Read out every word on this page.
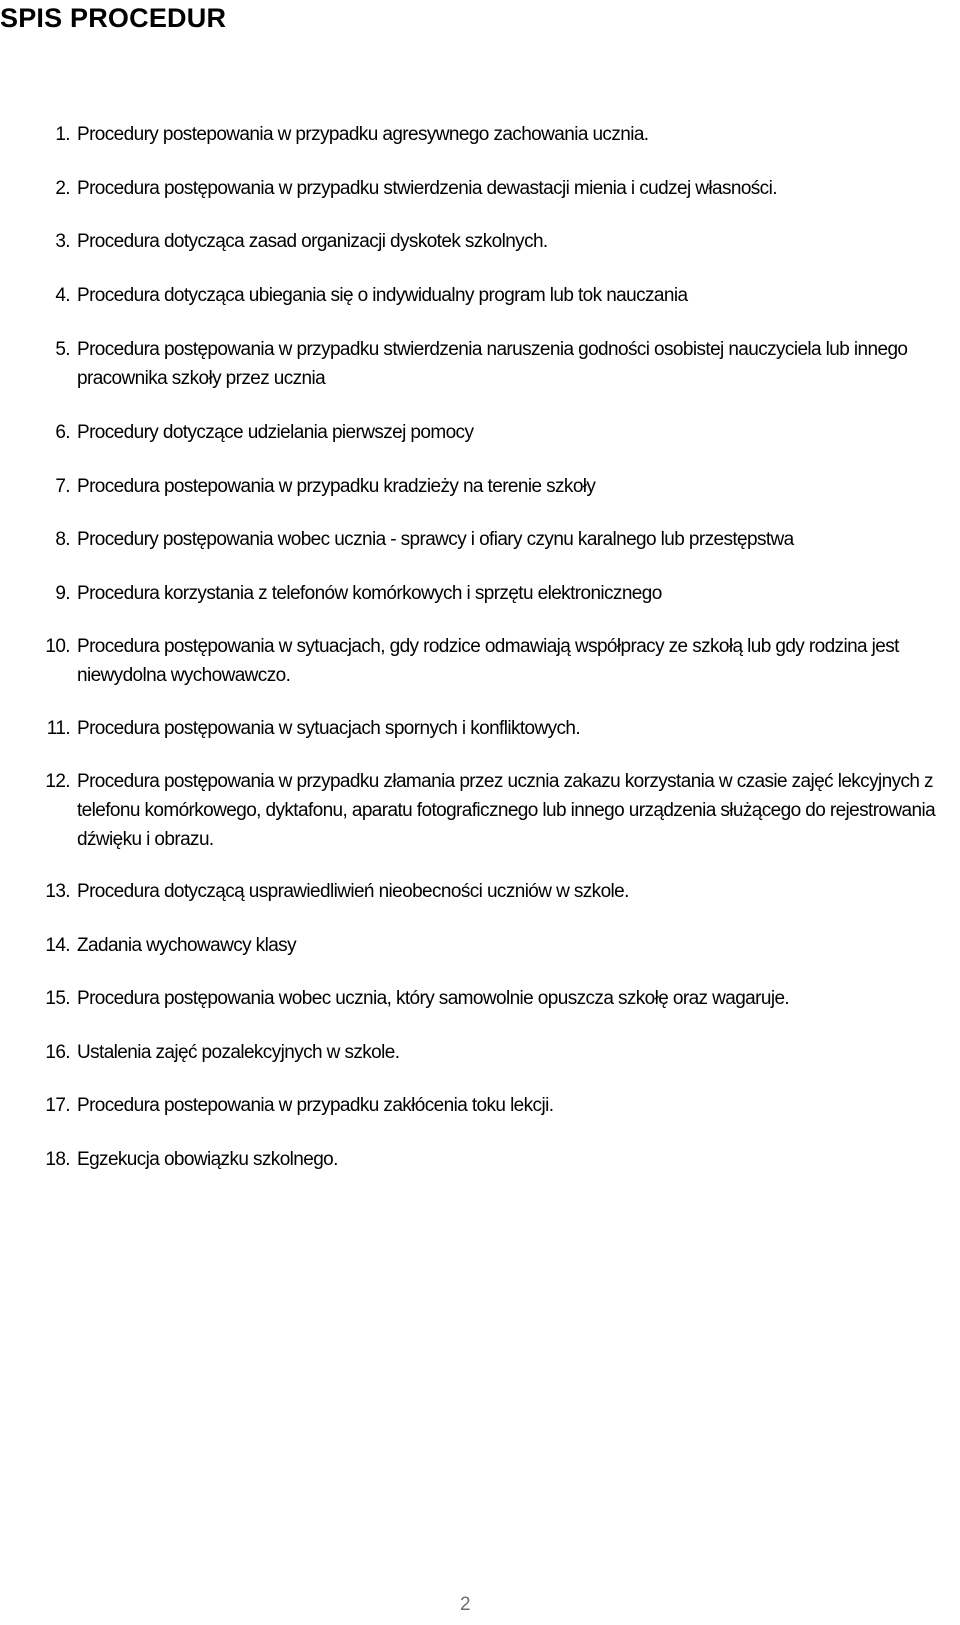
SPIS PROCEDUR
1. Procedury postepowania w przypadku agresywnego zachowania ucznia.
2. Procedura postępowania w przypadku stwierdzenia dewastacji mienia i cudzej własności.
3. Procedura dotycząca zasad organizacji dyskotek szkolnych.
4. Procedura dotycząca ubiegania się o indywidualny program lub tok nauczania
5. Procedura postępowania w przypadku stwierdzenia naruszenia godności osobistej nauczyciela lub innego pracownika szkoły przez ucznia
6. Procedury dotyczące udzielania pierwszej pomocy
7. Procedura postepowania w przypadku kradzieży na terenie szkoły
8. Procedury postępowania wobec ucznia - sprawcy i ofiary czynu karalnego lub przestępstwa
9. Procedura korzystania z telefonów komórkowych i sprzętu elektronicznego
10. Procedura postępowania w sytuacjach, gdy rodzice odmawiają współpracy ze szkołą lub gdy rodzina jest niewydolna wychowawczo.
11. Procedura postępowania w sytuacjach spornych i konfliktowych.
12. Procedura postępowania w przypadku złamania przez ucznia zakazu korzystania w czasie zajęć lekcyjnych z telefonu komórkowego, dyktafonu, aparatu fotograficznego lub innego urządzenia służącego do rejestrowania dźwięku i obrazu.
13. Procedura dotyczącą usprawiedliwień nieobecności uczniów w szkole.
14. Zadania wychowawcy klasy
15. Procedura postępowania wobec ucznia, który samowolnie opuszcza szkołę oraz wagaruje.
16. Ustalenia zajęć pozalekcyjnych w szkole.
17. Procedura postepowania w przypadku zakłócenia toku lekcji.
18. Egzekucja obowiązku szkolnego.
2
